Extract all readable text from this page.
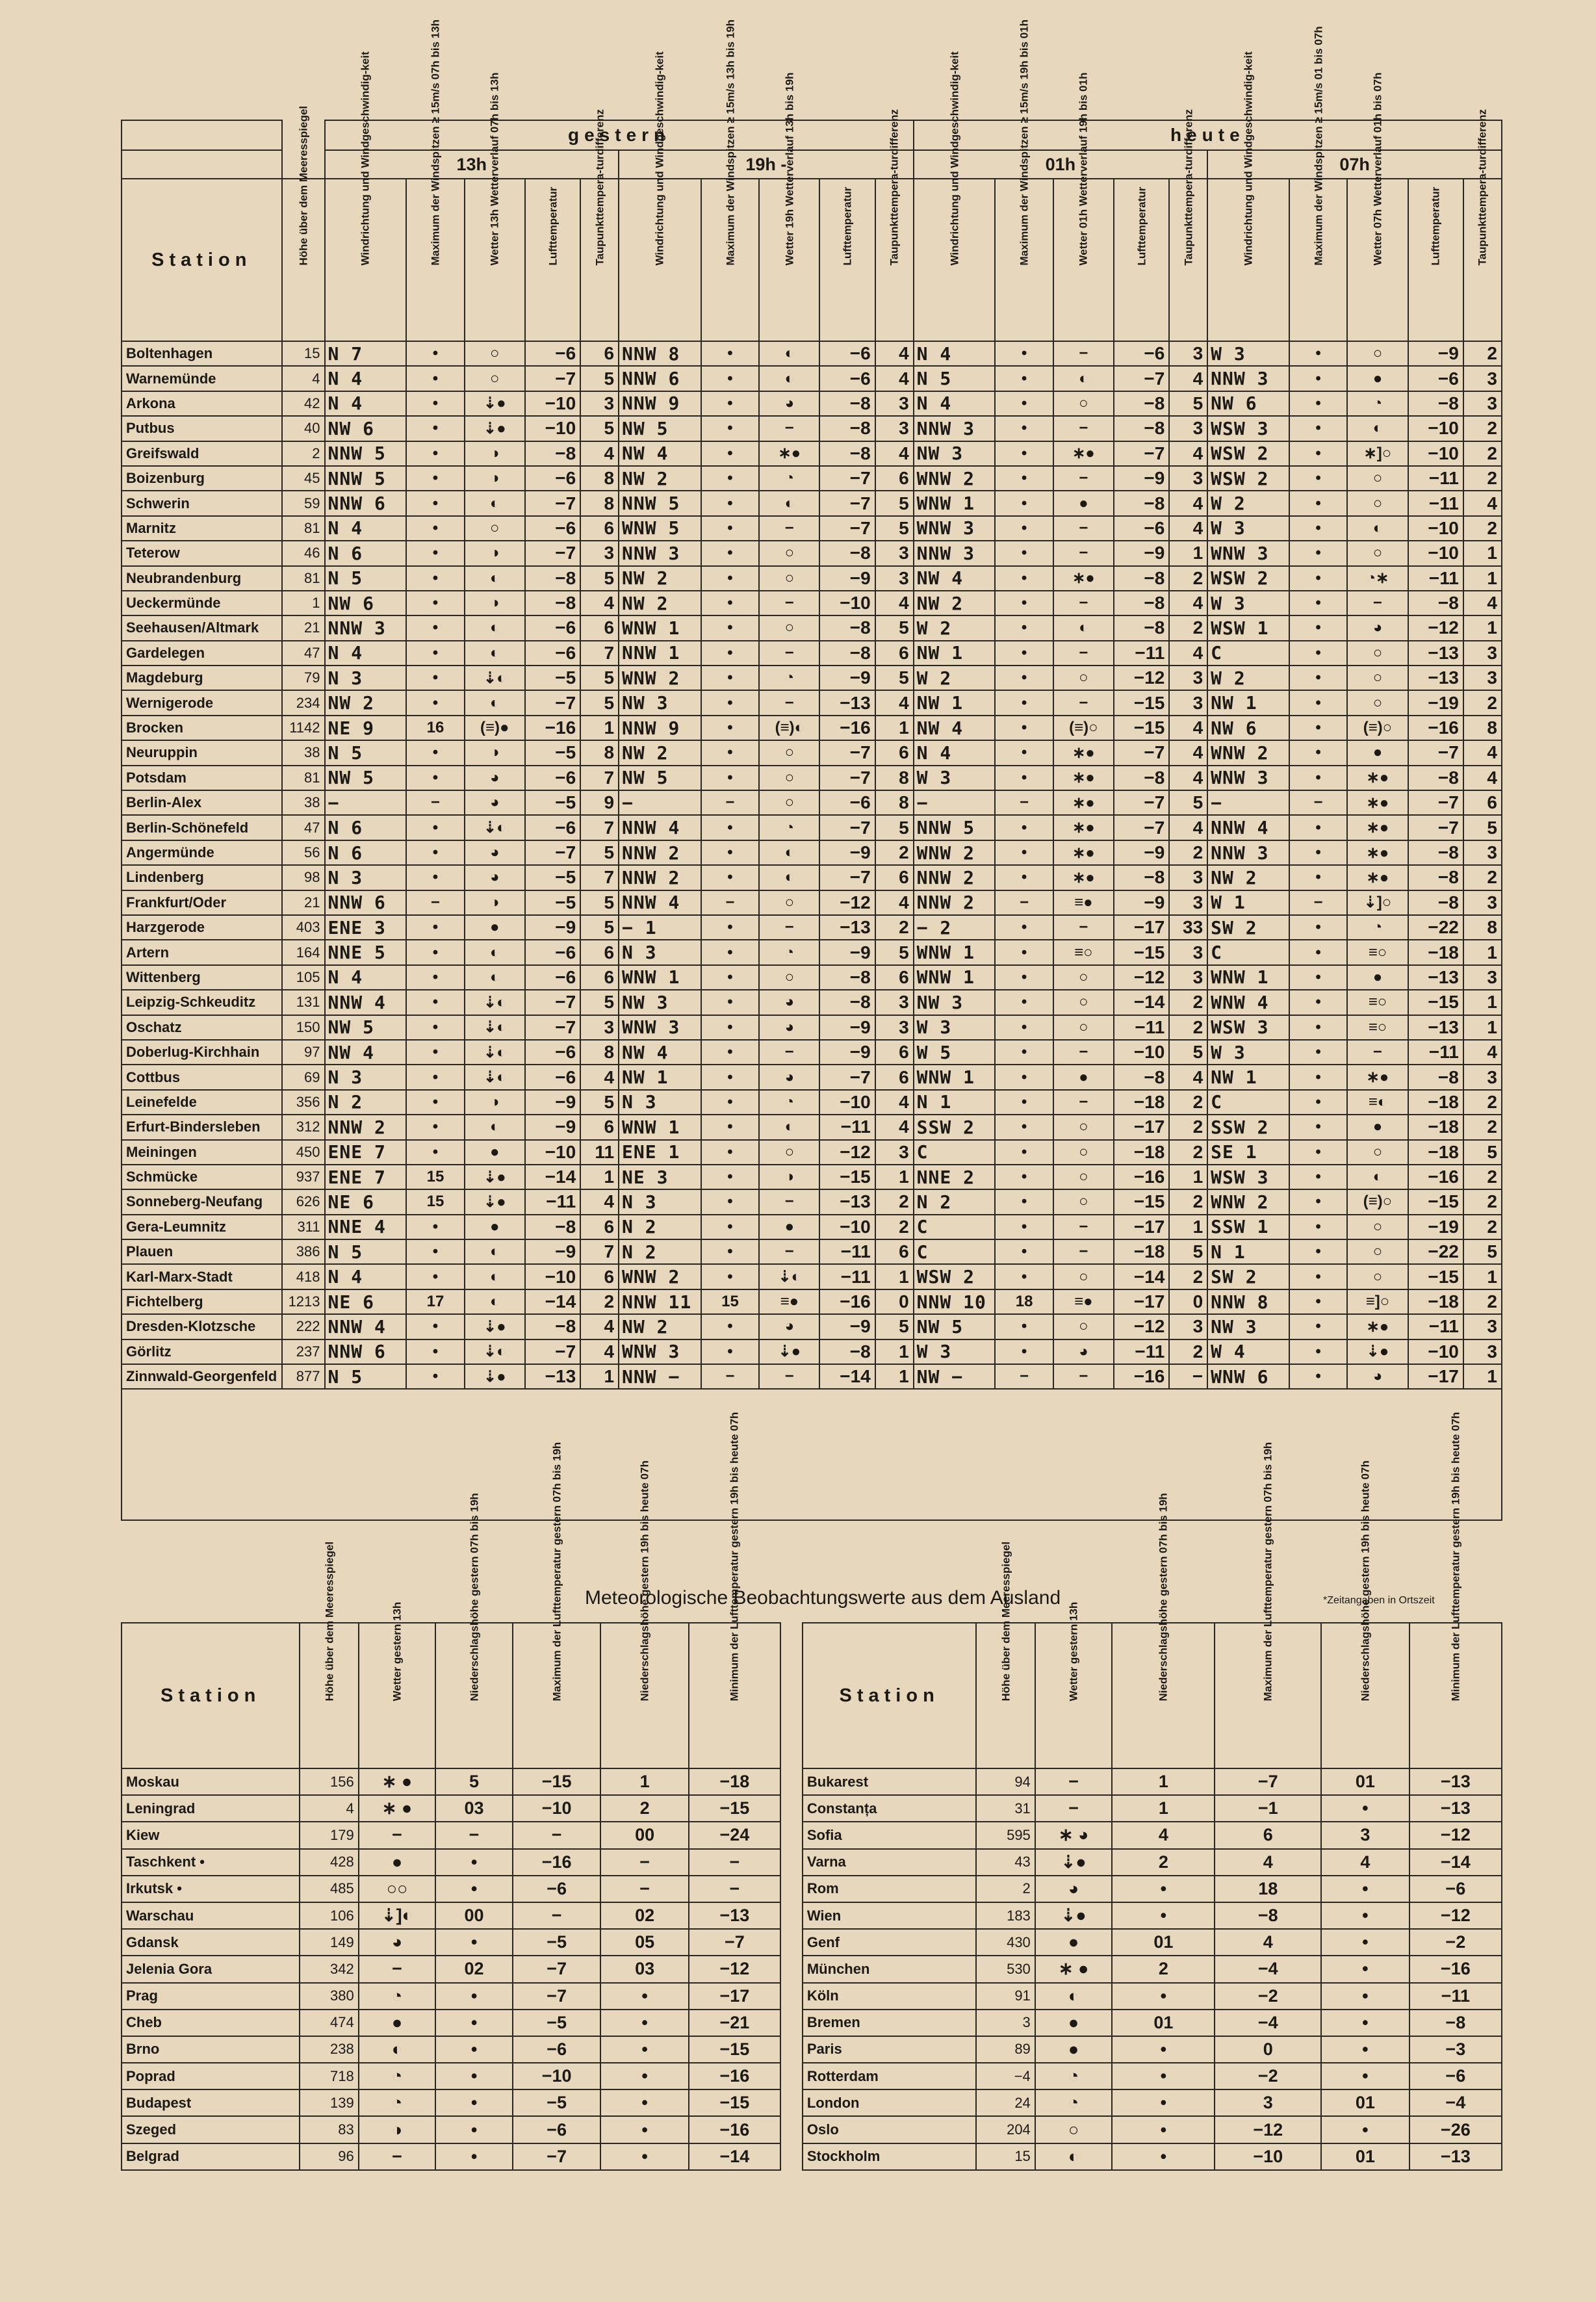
		gestern										heute									
		13h					19h -					01h					07h				
Station	Höhe über dem Meeresspiegel	Windrichtung und Windgeschwindig-keit	Maximum der Windspitzen ≥ 15m/s 07h bis 13h	Wetter 13h Wetterverlauf 07h bis 13h	Lufttemperatur	Taupunkttempera-turdifferenz	Windrichtung und Windgeschwindig-keit	Maximum der Windspitzen ≥ 15m/s 13h bis 19h	Wetter 19h Wetterverlauf 13h bis 19h	Lufttemperatur	Taupunkttempera-turdifferenz	Windrichtung und Windgeschwindig-keit	Maximum der Windspitzen ≥ 15m/s 19h bis 01h	Wetter 01h Wetterverlauf 19h bis 01h	Lufttemperatur	Taupunkttempera-turdifferenz	Windrichtung und Windgeschwindig-keit	Maximum der Windspitzen ≥ 15m/s 01 bis 07h	Wetter 07h Wetterverlauf 01h bis 07h	Lufttemperatur	Taupunkttempera-turdifferenz
Boltenhagen	15	N 7	•	○	−6	6	NNW 8	•	◐	−6	4	N 4	•	−	−6	3	W 3	•	○	−9	2
Warnemünde	4	N 4	•	○	−7	5	NNW 6	•	◐	−6	4	N 5	•	◐	−7	4	NNW 3	•	●	−6	3
Arkona	42	N 4	•	⇣●	−10	3	NNW 9	•	◕	−8	3	N 4	•	○	−8	5	NW 6	•	◔	−8	3
Putbus	40	NW 6	•	⇣●	−10	5	NW 5	•	−	−8	3	NNW 3	•	−	−8	3	WSW 3	•	◐	−10	2
Greifswald	2	NNW 5	•	◑	−8	4	NW 4	•	∗●	−8	4	NW 3	•	∗●	−7	4	WSW 2	•	∗]○	−10	2
Boizenburg	45	NNW 5	•	◑	−6	8	NW 2	•	◔	−7	6	WNW 2	•	−	−9	3	WSW 2	•	○	−11	2
Schwerin	59	NNW 6	•	◐	−7	8	NNW 5	•	◐	−7	5	WNW 1	•	●	−8	4	W 2	•	○	−11	4
Marnitz	81	N 4	•	○	−6	6	WNW 5	•	−	−7	5	WNW 3	•	−	−6	4	W 3	•	◐	−10	2
Teterow	46	N 6	•	◑	−7	3	NNW 3	•	○	−8	3	NNW 3	•	−	−9	1	WNW 3	•	○	−10	1
Neubrandenburg	81	N 5	•	◐	−8	5	NW 2	•	○	−9	3	NW 4	•	∗●	−8	2	WSW 2	•	◔∗	−11	1
Ueckermünde	1	NW 6	•	◑	−8	4	NW 2	•	−	−10	4	NW 2	•	−	−8	4	W 3	•	−	−8	4
Seehausen/Altmark	21	NNW 3	•	◐	−6	6	WNW 1	•	○	−8	5	W 2	•	◐	−8	2	WSW 1	•	◕	−12	1
Gardelegen	47	N 4	•	◐	−6	7	NNW 1	•	−	−8	6	NW 1	•	−	−11	4	C	•	○	−13	3
Magdeburg	79	N 3	•	⇣◐	−5	5	WNW 2	•	◔	−9	5	W 2	•	○	−12	3	W 2	•	○	−13	3
Wernigerode	234	NW 2	•	◐	−7	5	NW 3	•	−	−13	4	NW 1	•	−	−15	3	NW 1	•	○	−19	2
Brocken	1142	NE 9	16	(≡)●	−16	1	NNW 9	•	(≡)◐	−16	1	NW 4	•	(≡)○	−15	4	NW 6	•	(≡)○	−16	8
Neuruppin	38	N 5	•	◑	−5	8	NW 2	•	○	−7	6	N 4	•	∗●	−7	4	WNW 2	•	●	−7	4
Potsdam	81	NW 5	•	◕	−6	7	NW 5	•	○	−7	8	W 3	•	∗●	−8	4	WNW 3	•	∗●	−8	4
Berlin-Alex	38	−	−	◕	−5	9	−	−	○	−6	8	−	−	∗●	−7	5	−	−	∗●	−7	6
Berlin-Schönefeld	47	N 6	•	⇣◐	−6	7	NNW 4	•	◔	−7	5	NNW 5	•	∗●	−7	4	NNW 4	•	∗●	−7	5
Angermünde	56	N 6	•	◕	−7	5	NNW 2	•	◐	−9	2	WNW 2	•	∗●	−9	2	NNW 3	•	∗●	−8	3
Lindenberg	98	N 3	•	◕	−5	7	NNW 2	•	◐	−7	6	NNW 2	•	∗●	−8	3	NW 2	•	∗●	−8	2
Frankfurt/Oder	21	NNW 6	−	◑	−5	5	NNW 4	−	○	−12	4	NNW 2	−	≡●	−9	3	W 1	−	⇣]○	−8	3
Harzgerode	403	ENE 3	•	●	−9	5	− 1	•	−	−13	2	− 2	•	−	−17	33	SW 2	•	◔	−22	8
Artern	164	NNE 5	•	◐	−6	6	N 3	•	◔	−9	5	WNW 1	•	≡○	−15	3	C	•	≡○	−18	1
Wittenberg	105	N 4	•	◐	−6	6	WNW 1	•	○	−8	6	WNW 1	•	○	−12	3	WNW 1	•	●	−13	3
Leipzig-Schkeuditz	131	NNW 4	•	⇣◐	−7	5	NW 3	•	◕	−8	3	NW 3	•	○	−14	2	WNW 4	•	≡○	−15	1
Oschatz	150	NW 5	•	⇣◐	−7	3	WNW 3	•	◕	−9	3	W 3	•	○	−11	2	WSW 3	•	≡○	−13	1
Doberlug-Kirchhain	97	NW 4	•	⇣◐	−6	8	NW 4	•	−	−9	6	W 5	•	−	−10	5	W 3	•	−	−11	4
Cottbus	69	N 3	•	⇣◐	−6	4	NW 1	•	◕	−7	6	WNW 1	•	●	−8	4	NW 1	•	∗●	−8	3
Leinefelde	356	N 2	•	◑	−9	5	N 3	•	◔	−10	4	N 1	•	−	−18	2	C	•	≡◐	−18	2
Erfurt-Bindersleben	312	NNW 2	•	◐	−9	6	WNW 1	•	◐	−11	4	SSW 2	•	○	−17	2	SSW 2	•	●	−18	2
Meiningen	450	ENE 7	•	●	−10	11	ENE 1	•	○	−12	3	C	•	○	−18	2	SE 1	•	○	−18	5
Schmücke	937	ENE 7	15	⇣●	−14	1	NE 3	•	◑	−15	1	NNE 2	•	○	−16	1	WSW 3	•	◐	−16	2
Sonneberg-Neufang	626	NE 6	15	⇣●	−11	4	N 3	•	−	−13	2	N 2	•	○	−15	2	WNW 2	•	(≡)○	−15	2
Gera-Leumnitz	311	NNE 4	•	●	−8	6	N 2	•	●	−10	2	C	•	−	−17	1	SSW 1	•	○	−19	2
Plauen	386	N 5	•	◐	−9	7	N 2	•	−	−11	6	C	•	−	−18	5	N 1	•	○	−22	5
Karl-Marx-Stadt	418	N 4	•	◐	−10	6	WNW 2	•	⇣◐	−11	1	WSW 2	•	○	−14	2	SW 2	•	○	−15	1
Fichtelberg	1213	NE 6	17	◐	−14	2	NNW 11	15	≡●	−16	0	NNW 10	18	≡●	−17	0	NNW 8	•	≡]○	−18	2
Dresden-Klotzsche	222	NNW 4	•	⇣●	−8	4	NW 2	•	◕	−9	5	NW 5	•	○	−12	3	NW 3	•	∗●	−11	3
Görlitz	237	NNW 6	•	⇣◐	−7	4	WNW 3	•	⇣●	−8	1	W 3	•	◕	−11	2	W 4	•	⇣●	−10	3
Zinnwald-Georgenfeld	877	N 5	•	⇣●	−13	1	NNW −	−	−	−14	1	NW −	−	−	−16	−	WNW 6	•	◕	−17	1

Meteorologische Beobachtungswerte aus dem Ausland	*Zeitangaben in Ortszeit
Station	Höhe über dem Meeresspiegel	Wetter gestern 13h	Niederschlagshöhe gestern 07h bis 19h	Maximum der Lufttemperatur gestern 07h bis 19h	Niederschlagshöhe gestern 19h bis heute 07h	Minimum der Lufttemperatur gestern 19h bis heute 07h		Station	Höhe über dem Meeresspiegel	Wetter gestern 13h	Niederschlagshöhe gestern 07h bis 19h	Maximum der Lufttemperatur gestern 07h bis 19h	Niederschlagshöhe gestern 19h bis heute 07h	Minimum der Lufttemperatur gestern 19h bis heute 07h
Moskau	156	∗ ●	5	−15	1	−18		Bukarest	94	−	1	−7	01	−13
Leningrad	4	∗ ●	03	−10	2	−15		Constanța	31	−	1	−1	•	−13
Kiew	179	−	−	−	00	−24		Sofia	595	∗ ◕	4	6	3	−12
Taschkent •	428	●	•	−16	−	−		Varna	43	⇣●	2	4	4	−14
Irkutsk •	485	○○	•	−6	−	−		Rom	2	◕	•	18	•	−6
Warschau	106	⇣]◐	00	−	02	−13		Wien	183	⇣●	•	−8	•	−12
Gdansk	149	◕	•	−5	05	−7		Genf	430	●	01	4	•	−2
Jelenia Gora	342	−	02	−7	03	−12		München	530	∗ ●	2	−4	•	−16
Prag	380	◔	•	−7	•	−17		Köln	91	◐	•	−2	•	−11
Cheb	474	●	•	−5	•	−21		Bremen	3	●	01	−4	•	−8
Brno	238	◐	•	−6	•	−15		Paris	89	●	•	0	•	−3
Poprad	718	◔	•	−10	•	−16		Rotterdam	−4	◔	•	−2	•	−6
Budapest	139	◔	•	−5	•	−15		London	24	◔	•	3	01	−4
Szeged	83	◑	•	−6	•	−16		Oslo	204	○	•	−12	•	−26
Belgrad	96	−	•	−7	•	−14		Stockholm	15	◐	•	−10	01	−13
